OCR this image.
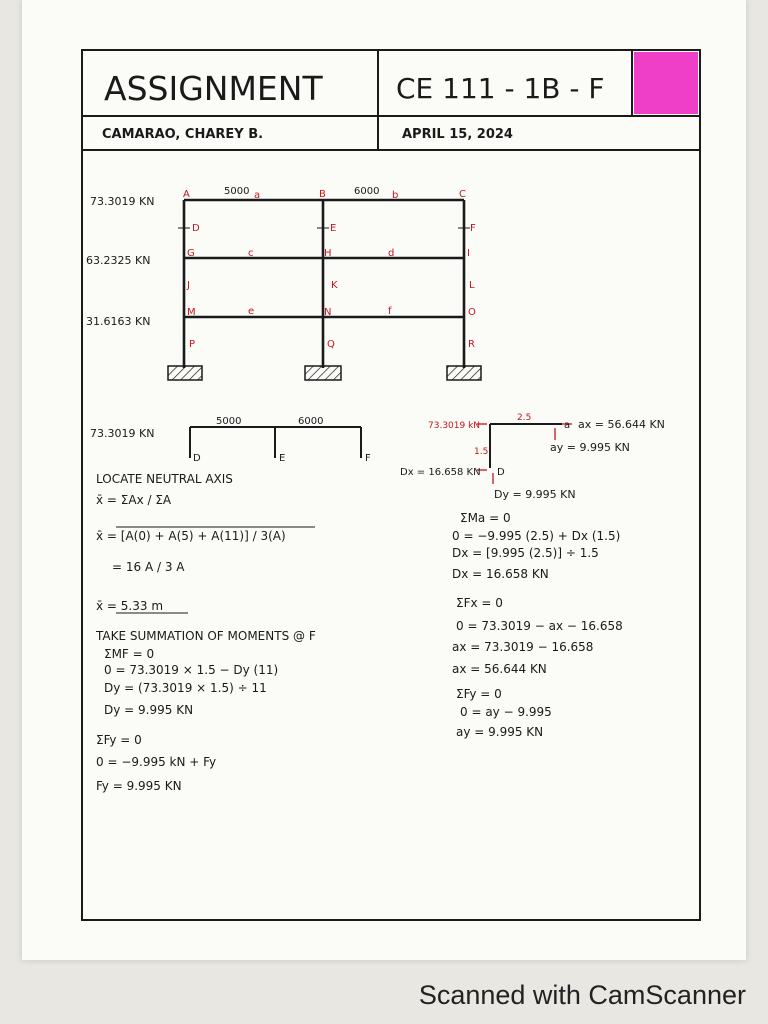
ASSIGNMENT	CE 111 - 1B - F
CAMARAO, CHAREY B.	APRIL 15, 2024
73.3019 KN
63.2325 KN
31.6163 KN
5000	6000
a	b
c	d
e	f
A	B	C
D	E	F
G	H	I
J	K	L
M	N	O
P	Q	R
73.3019 KN
5000	6000
D	E	F
73.3019 kN
2.5
1.5
a
D
ax = 56.644 KN
ay = 9.995 KN
Dx = 16.658 KN
Dy = 9.995 KN
LOCATE NEUTRAL AXIS
x̄ = ΣAx / ΣA
x̄ = [A(0) + A(5) + A(11)] / 3(A)
= 16 A / 3 A
x̄ = 5.33 m
TAKE SUMMATION OF MOMENTS @ F
ΣMF = 0
0 = 73.3019 × 1.5 − Dy (11)
Dy = (73.3019 × 1.5) ÷ 11
Dy = 9.995 KN
ΣFy = 0
0 = −9.995 kN + Fy
Fy = 9.995 KN
ΣMa = 0
0 = −9.995 (2.5) + Dx (1.5)
Dx = [9.995 (2.5)] ÷ 1.5
Dx = 16.658 KN
ΣFx = 0
0 = 73.3019 − ax − 16.658
ax = 73.3019 − 16.658
ax = 56.644 KN
ΣFy = 0
0 = ay − 9.995
ay = 9.995 KN
Scanned with CamScanner
